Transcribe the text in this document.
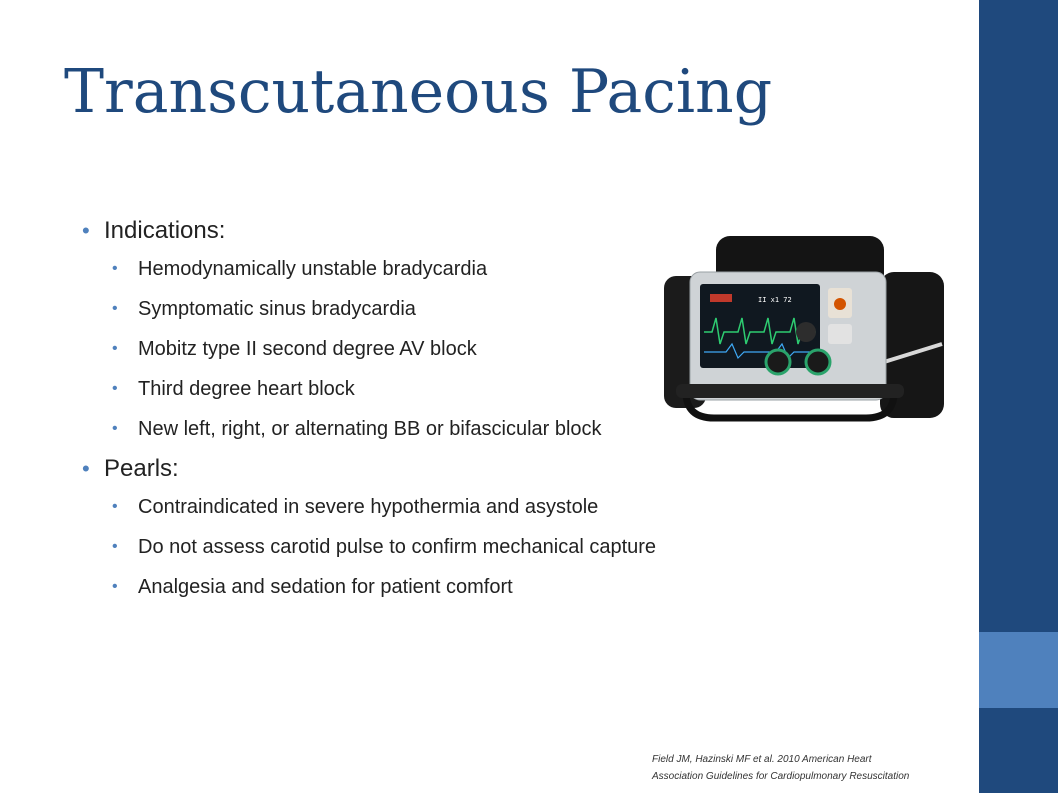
Transcutaneous Pacing
• Indications:
• Hemodynamically unstable bradycardia
• Symptomatic sinus bradycardia
• Mobitz type II second degree AV block
• Third degree heart block
• New left, right, or alternating BB or bifascicular block
• Pearls:
• Contraindicated in severe hypothermia and asystole
• Do not assess carotid pulse to confirm mechanical capture
• Analgesia and sedation for patient comfort
II x1 72
Field JM, Hazinski MF et al. 2010 American Heart
Association Guidelines for Cardiopulmonary Resuscitation
